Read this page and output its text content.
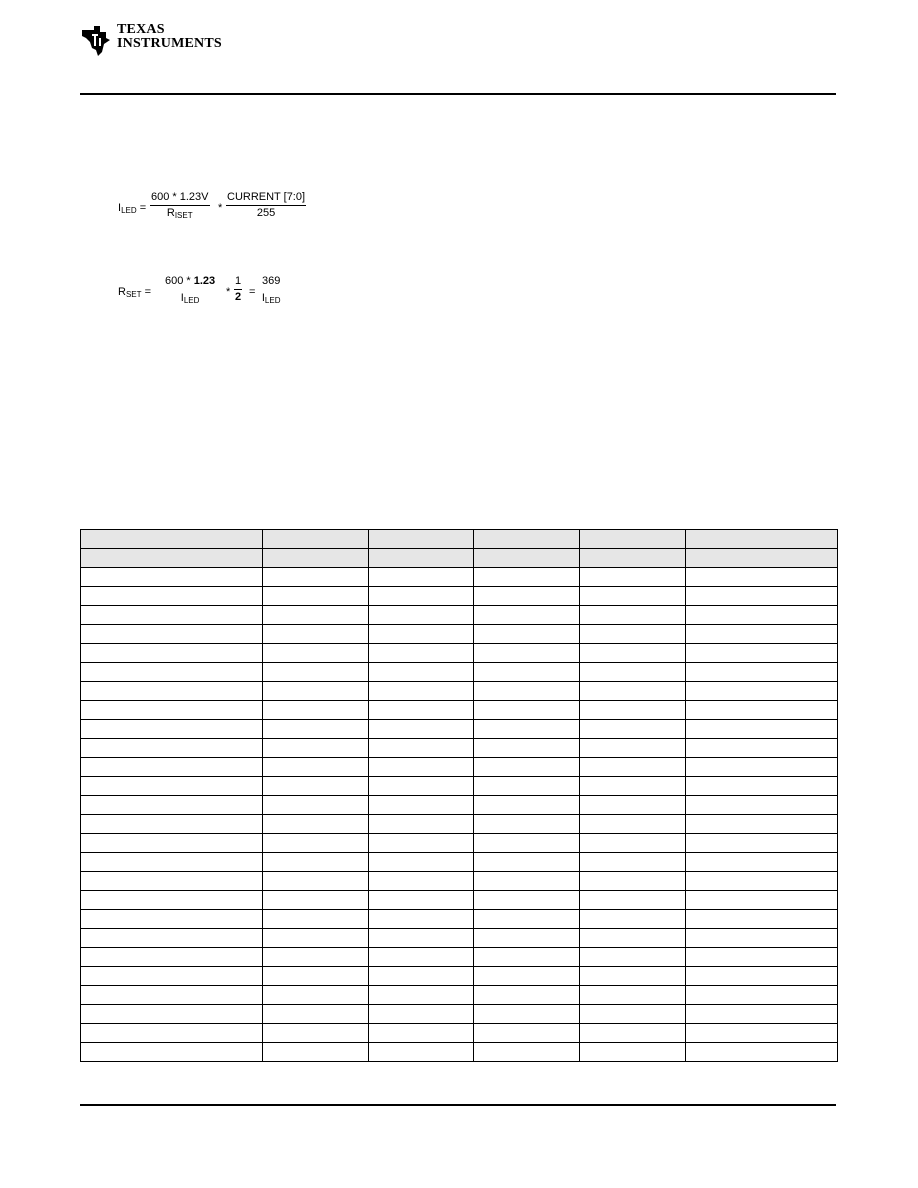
TEXAS
INSTRUMENTS
$I_{LED}$ =
600 * 1.23V
$R_{ISET}$
*
CURRENT [7:0]
255
$R_{SET}$ =
600 * 1.23
$I_{LED}$
* $\frac{1}{2}$ =
369
$I_{LED}$
